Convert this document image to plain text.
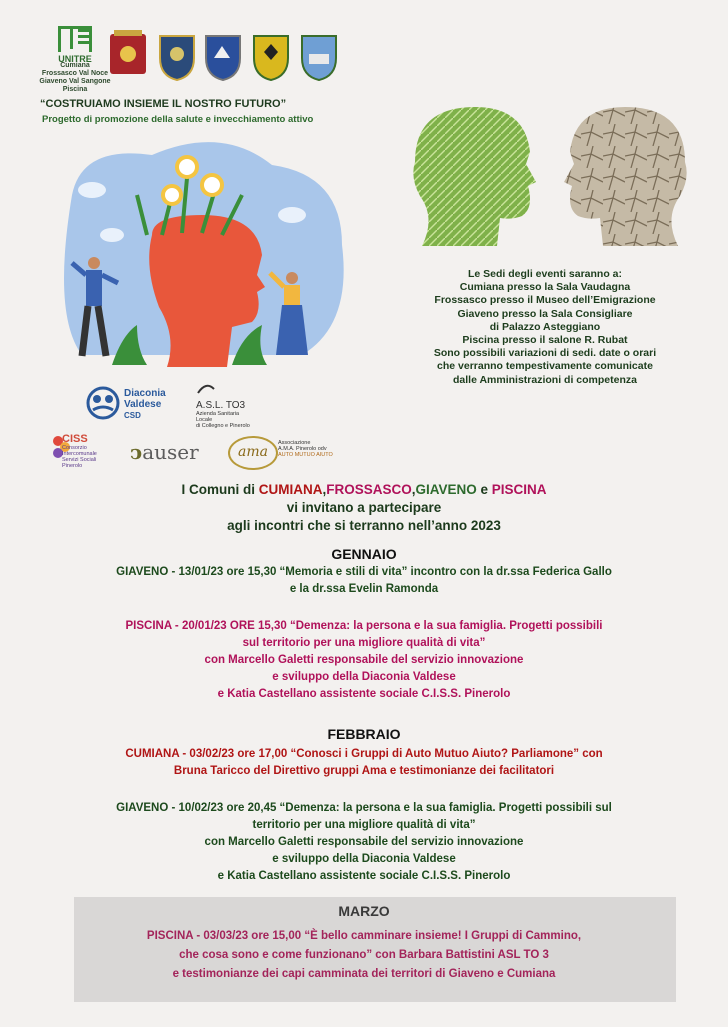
UNITRE
Cumiana
Frossasco Val Noce
Giaveno Val Sangone
Piscina
“COSTRUIAMO INSIEME IL NOSTRO FUTURO”
Progetto di promozione della salute e invecchiamento attivo
Le Sedi degli eventi saranno a:
Cumiana presso la Sala Vaudagna
Frossasco presso il Museo dell’Emigrazione
Giaveno presso la Sala Consigliare
di Palazzo Asteggiano
Piscina presso il salone R. Rubat
Sono possibili variazioni di sedi. date o orari
che verranno tempestivamente comunicate
dalle Amministrazioni di competenza
Diaconia
Valdese
CSD
A.S.L. TO3
Azienda Sanitaria Locale
di Collegno e Pinerolo
CISS
Consorzio
Intercomunale
Servizi Sociali
Pinerolo
ↄauser	ama
Associazione
A.M.A. Pinerolo odv
AUTO MUTUO AIUTO
I Comuni di CUMIANA,FROSSASCO,GIAVENO e PISCINA
vi invitano a partecipare
agli incontri che si terranno nell’anno 2023
GENNAIO
GIAVENO - 13/01/23 ore 15,30 “Memoria e stili di vita” incontro con la dr.ssa Federica Gallo
e la dr.ssa Evelin Ramonda
PISCINA - 20/01/23 ORE 15,30 “Demenza: la persona e la sua famiglia. Progetti possibili
sul territorio per una migliore qualità di vita”
con Marcello Galetti responsabile del servizio innovazione
e sviluppo della Diaconia Valdese
e Katia Castellano assistente sociale C.I.S.S. Pinerolo
FEBBRAIO
CUMIANA - 03/02/23 ore 17,00 “Conosci i Gruppi di Auto Mutuo Aiuto? Parliamone” con
Bruna Taricco del Direttivo gruppi Ama e testimonianze dei facilitatori
GIAVENO - 10/02/23 ore 20,45 “Demenza: la persona e la sua famiglia. Progetti possibili sul
territorio per una migliore qualità di vita”
con Marcello Galetti responsabile del servizio innovazione
e sviluppo della Diaconia Valdese
e Katia Castellano assistente sociale C.I.S.S. Pinerolo
MARZO
PISCINA - 03/03/23 ore 15,00 “È bello camminare insieme! I Gruppi di Cammino,
che cosa sono e come funzionano” con Barbara Battistini ASL TO 3
e testimonianze dei capi camminata dei territori di Giaveno e Cumiana
